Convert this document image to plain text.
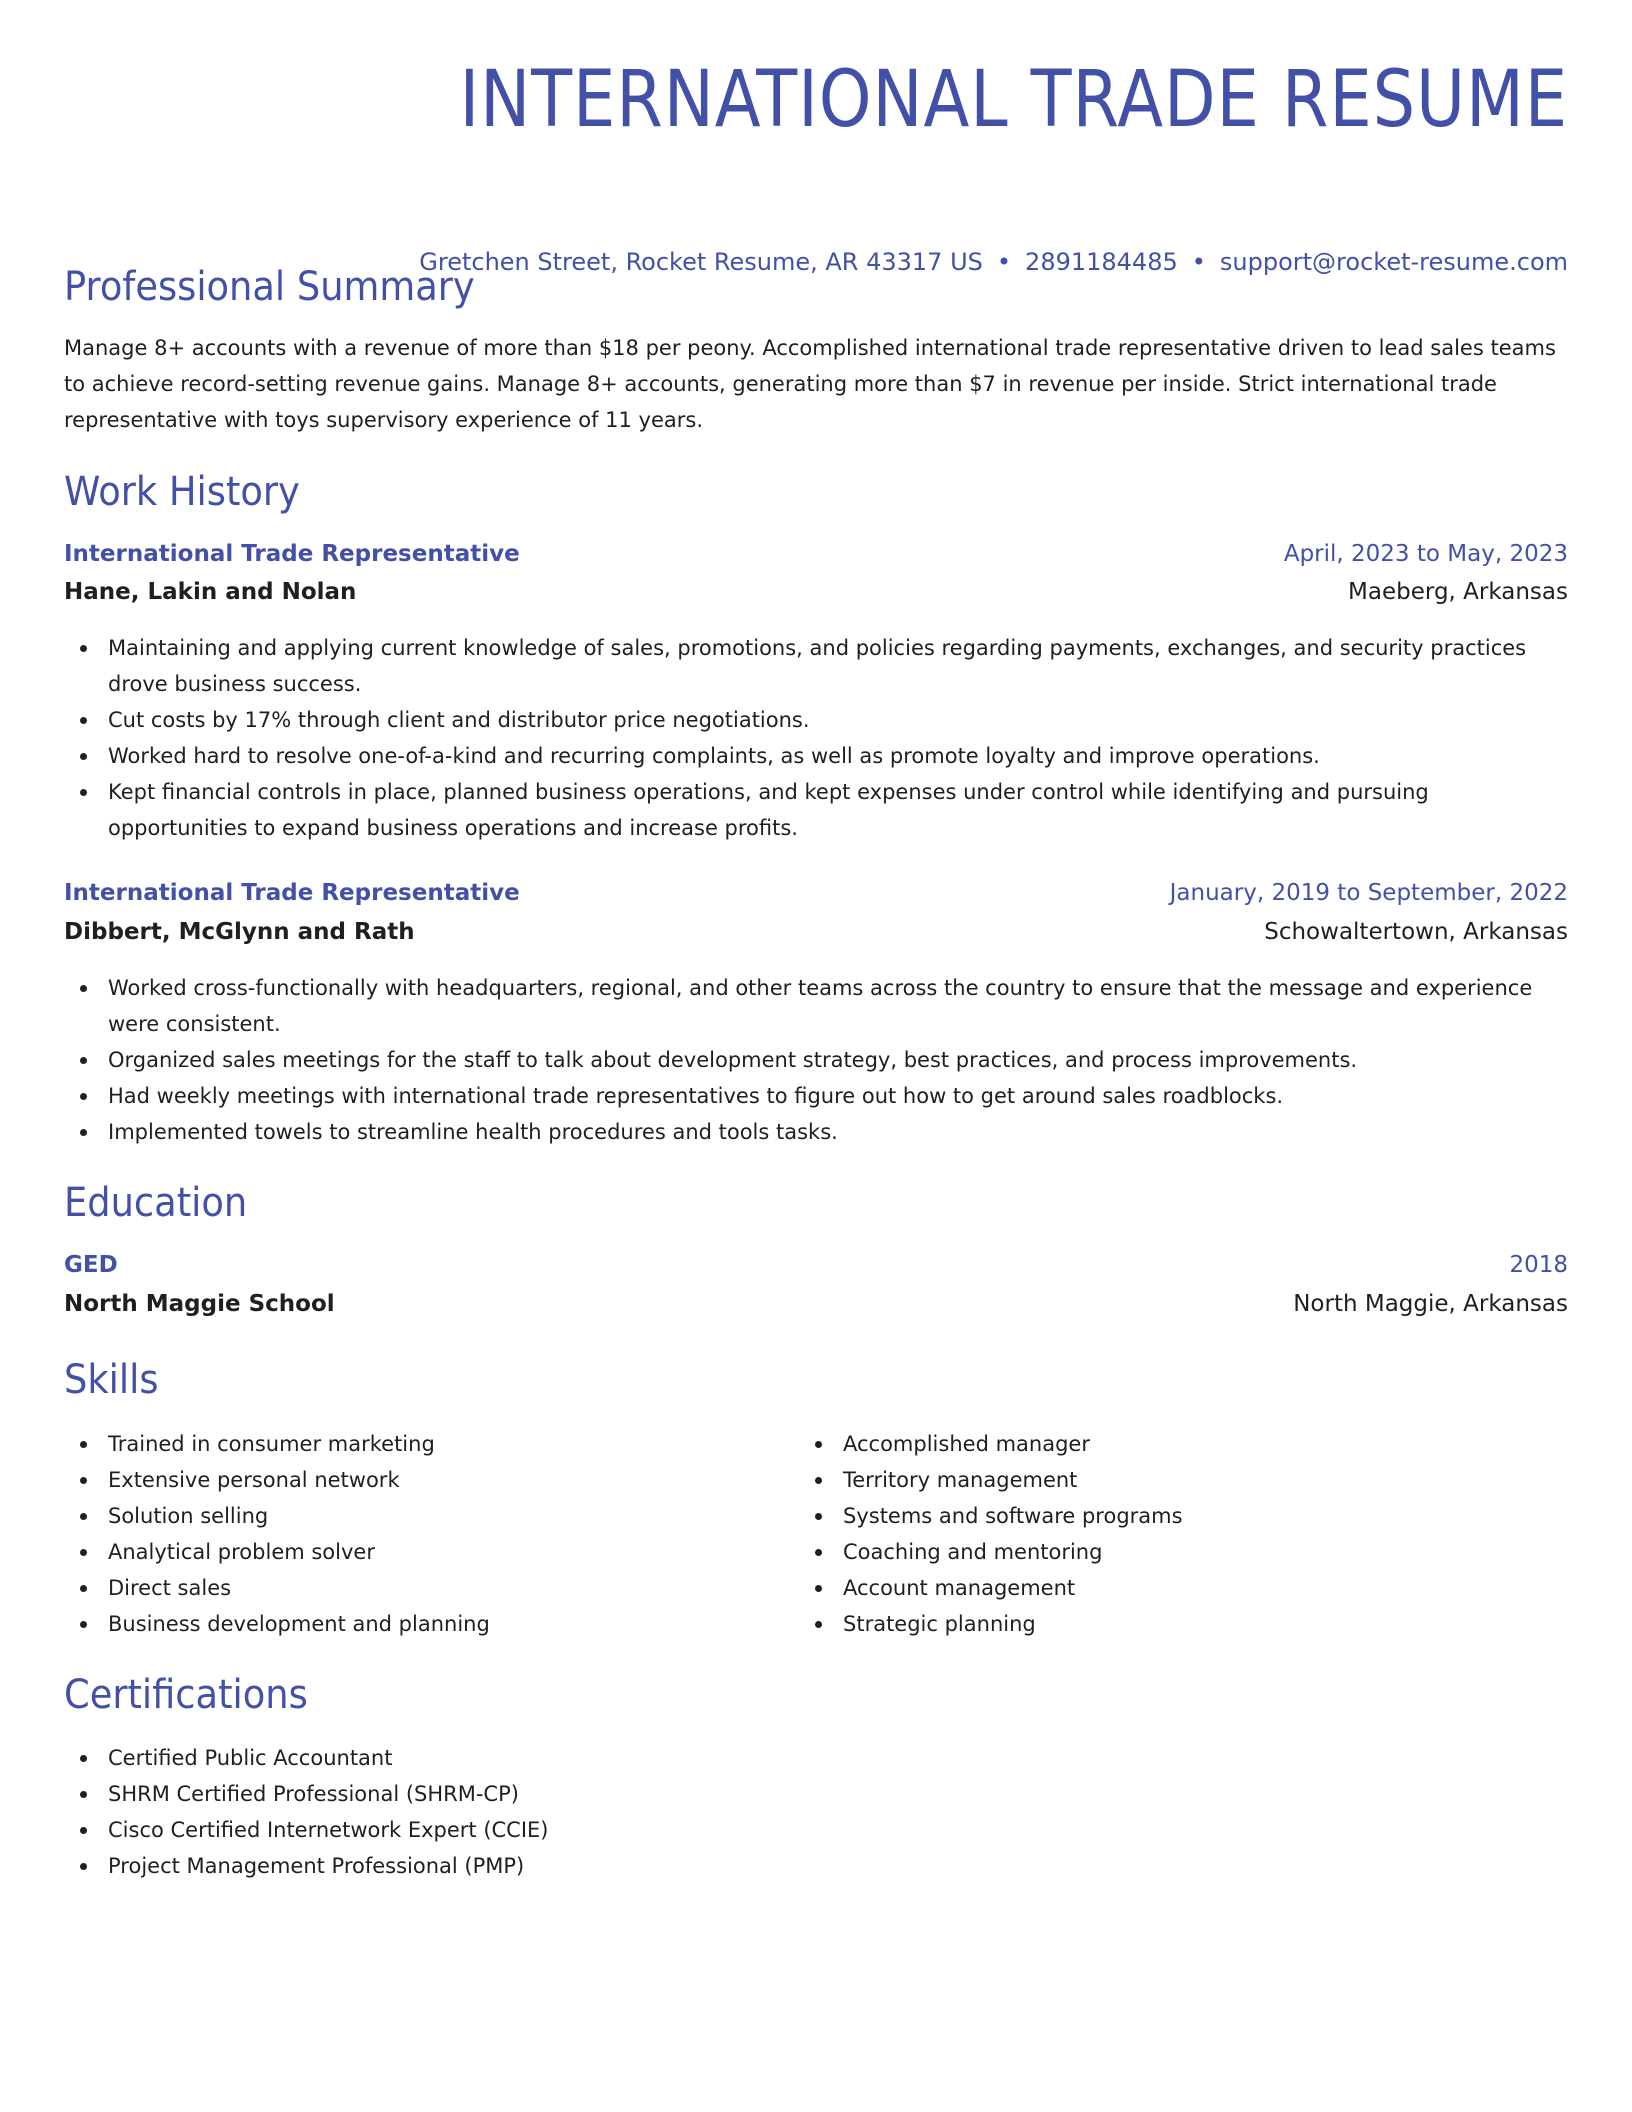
INTERNATIONAL TRADE RESUME
Gretchen Street, Rocket Resume, AR 43317 US • 2891184485 • support@rocket-resume.com
Professional Summary

Manage 8+ accounts with a revenue of more than $18 per peony. Accomplished international trade representative driven to lead sales teams to achieve record-setting revenue gains. Manage 8+ accounts, generating more than $7 in revenue per inside. Strict international trade representative with toys supervisory experience of 11 years.

Work History
International Trade Representative	April, 2023 to May, 2023
Hane, Lakin and Nolan	Maeberg, Arkansas
Maintaining and applying current knowledge of sales, promotions, and policies regarding payments, exchanges, and security practices drove business success.
Cut costs by 17% through client and distributor price negotiations.
Worked hard to resolve one-of-a-kind and recurring complaints, as well as promote loyalty and improve operations.
Kept financial controls in place, planned business operations, and kept expenses under control while identifying and pursuing opportunities to expand business operations and increase profits.
International Trade Representative	January, 2019 to September, 2022
Dibbert, McGlynn and Rath	Schowaltertown, Arkansas
Worked cross-functionally with headquarters, regional, and other teams across the country to ensure that the message and experience were consistent.
Organized sales meetings for the staff to talk about development strategy, best practices, and process improvements.
Had weekly meetings with international trade representatives to figure out how to get around sales roadblocks.
Implemented towels to streamline health procedures and tools tasks.
Education
GED	2018
North Maggie School	North Maggie, Arkansas
Skills
Trained in consumer marketing
Extensive personal network
Solution selling
Analytical problem solver
Direct sales
Business development and planning
Accomplished manager
Territory management
Systems and software programs
Coaching and mentoring
Account management
Strategic planning
Certifications
Certified Public Accountant
SHRM Certified Professional (SHRM-CP)
Cisco Certified Internetwork Expert (CCIE)
Project Management Professional (PMP)
